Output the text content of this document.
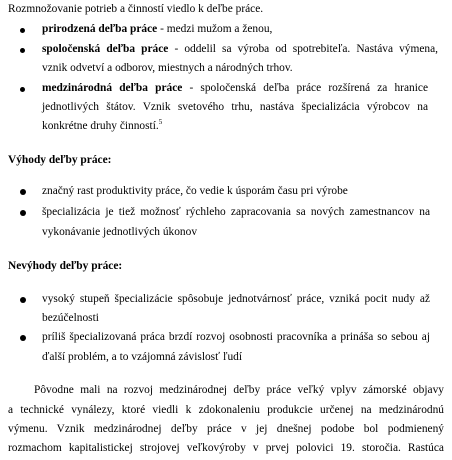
Rozmnožovanie potrieb a činností viedlo k deľbe práce.
prirodzená deľba práce - medzi mužom a ženou,
spoločenská deľba práce - oddelil sa výroba od spotrebiteľa. Nastáva výmena,
vznik odvetví a odborov, miestnych a národných trhov.
medzinárodná deľba práce - spoločenská deľba práce rozšírená za hranice
jednotlivých štátov. Vznik svetového trhu, nastáva špecializácia výrobcov na
konkrétne druhy činností.$^5$
Výhody deľby práce:
značný rast produktivity práce, čo vedie k úsporám času pri výrobe
špecializácia je tiež možnosť rýchleho zapracovania sa nových zamestnancov na
vykonávanie jednotlivých úkonov
Nevýhody deľby práce:
vysoký stupeň špecializácie spôsobuje jednotvárnosť práce, vzniká pocit nudy až
bezúčelnosti
príliš špecializovaná práca brzdí rozvoj osobnosti pracovníka a prináša so sebou aj
ďalší problém, a to vzájomná závislosť ľudí
Pôvodne mali na rozvoj medzinárodnej deľby práce veľký vplyv zámorské objavy
a technické vynálezy, ktoré viedli k zdokonaleniu produkcie určenej na medzinárodnú
výmenu. Vznik medzinárodnej deľby práce v jej dnešnej podobe bol podmienený
rozmachom kapitalistickej strojovej veľkovýroby v prvej polovici 19. storočia. Rastúca
